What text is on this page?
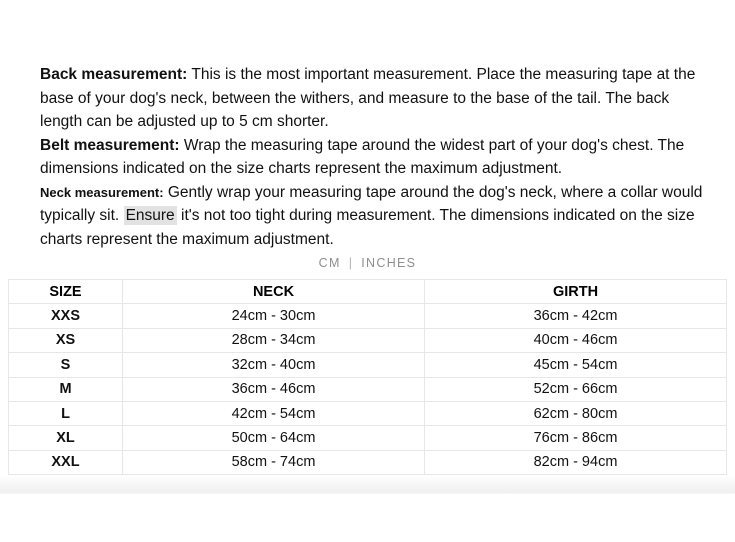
Back measurement: This is the most important measurement. Place the measuring tape at the base of your dog's neck, between the withers, and measure to the base of the tail. The back length can be adjusted up to 5 cm shorter.

Belt measurement: Wrap the measuring tape around the widest part of your dog's chest. The dimensions indicated on the size charts represent the maximum adjustment.

Neck measurement: Gently wrap your measuring tape around the dog's neck, where a collar would typically sit. Ensure it's not too tight during measurement. The dimensions indicated on the size charts represent the maximum adjustment.

CM | INCHES
SIZE	NECK	GIRTH
XXS	24cm - 30cm	36cm - 42cm
XS	28cm - 34cm	40cm - 46cm
S	32cm - 40cm	45cm - 54cm
M	36cm - 46cm	52cm - 66cm
L	42cm - 54cm	62cm - 80cm
XL	50cm - 64cm	76cm - 86cm
XXL	58cm - 74cm	82cm - 94cm
